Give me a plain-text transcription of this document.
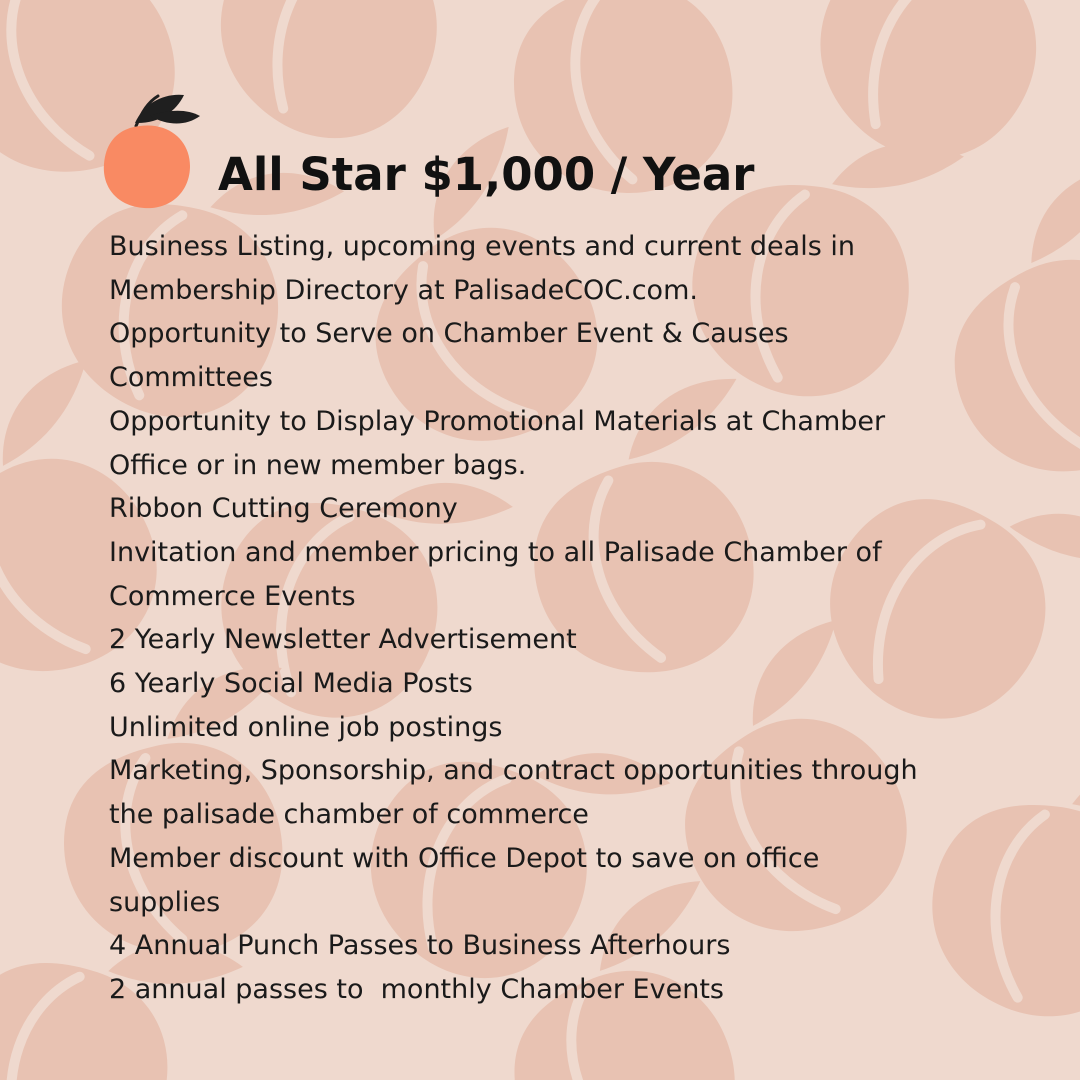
All Star $1,000 / Year
Business Listing, upcoming events and current deals in
Membership Directory at PalisadeCOC.com.
Opportunity to Serve on Chamber Event & Causes
Committees
Opportunity to Display Promotional Materials at Chamber
Office or in new member bags.
Ribbon Cutting Ceremony
Invitation and member pricing to all Palisade Chamber of
Commerce Events
2 Yearly Newsletter Advertisement
6 Yearly Social Media Posts
Unlimited online job postings
Marketing, Sponsorship, and contract opportunities through
the palisade chamber of commerce
Member discount with Office Depot to save on office
supplies
4 Annual Punch Passes to Business Afterhours
2 annual passes to  monthly Chamber Events
